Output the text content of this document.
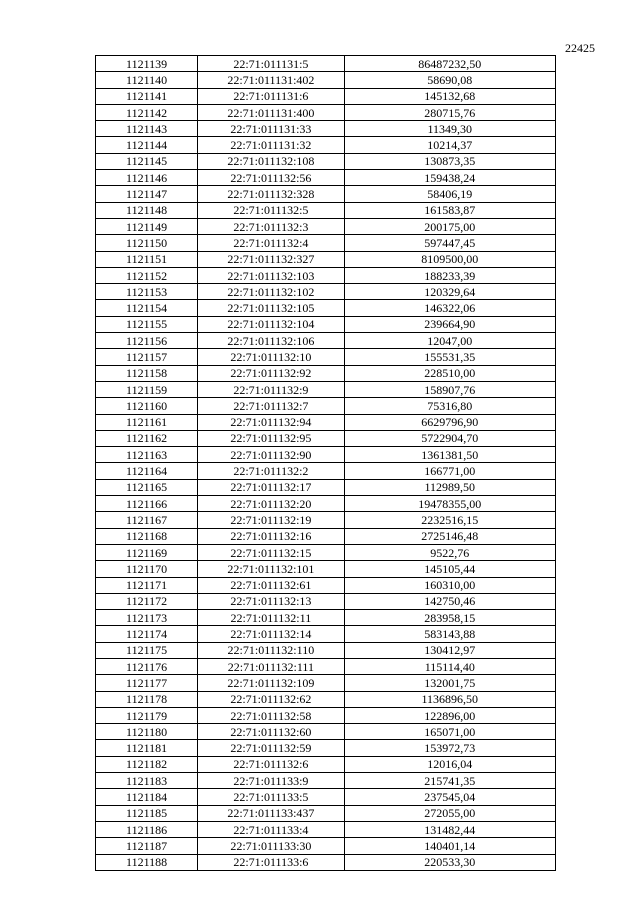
22425
1121139	22:71:011131:5	86487232,50
1121140	22:71:011131:402	58690,08
1121141	22:71:011131:6	145132,68
1121142	22:71:011131:400	280715,76
1121143	22:71:011131:33	11349,30
1121144	22:71:011131:32	10214,37
1121145	22:71:011132:108	130873,35
1121146	22:71:011132:56	159438,24
1121147	22:71:011132:328	58406,19
1121148	22:71:011132:5	161583,87
1121149	22:71:011132:3	200175,00
1121150	22:71:011132:4	597447,45
1121151	22:71:011132:327	8109500,00
1121152	22:71:011132:103	188233,39
1121153	22:71:011132:102	120329,64
1121154	22:71:011132:105	146322,06
1121155	22:71:011132:104	239664,90
1121156	22:71:011132:106	12047,00
1121157	22:71:011132:10	155531,35
1121158	22:71:011132:92	228510,00
1121159	22:71:011132:9	158907,76
1121160	22:71:011132:7	75316,80
1121161	22:71:011132:94	6629796,90
1121162	22:71:011132:95	5722904,70
1121163	22:71:011132:90	1361381,50
1121164	22:71:011132:2	166771,00
1121165	22:71:011132:17	112989,50
1121166	22:71:011132:20	19478355,00
1121167	22:71:011132:19	2232516,15
1121168	22:71:011132:16	2725146,48
1121169	22:71:011132:15	9522,76
1121170	22:71:011132:101	145105,44
1121171	22:71:011132:61	160310,00
1121172	22:71:011132:13	142750,46
1121173	22:71:011132:11	283958,15
1121174	22:71:011132:14	583143,88
1121175	22:71:011132:110	130412,97
1121176	22:71:011132:111	115114,40
1121177	22:71:011132:109	132001,75
1121178	22:71:011132:62	1136896,50
1121179	22:71:011132:58	122896,00
1121180	22:71:011132:60	165071,00
1121181	22:71:011132:59	153972,73
1121182	22:71:011132:6	12016,04
1121183	22:71:011133:9	215741,35
1121184	22:71:011133:5	237545,04
1121185	22:71:011133:437	272055,00
1121186	22:71:011133:4	131482,44
1121187	22:71:011133:30	140401,14
1121188	22:71:011133:6	220533,30
